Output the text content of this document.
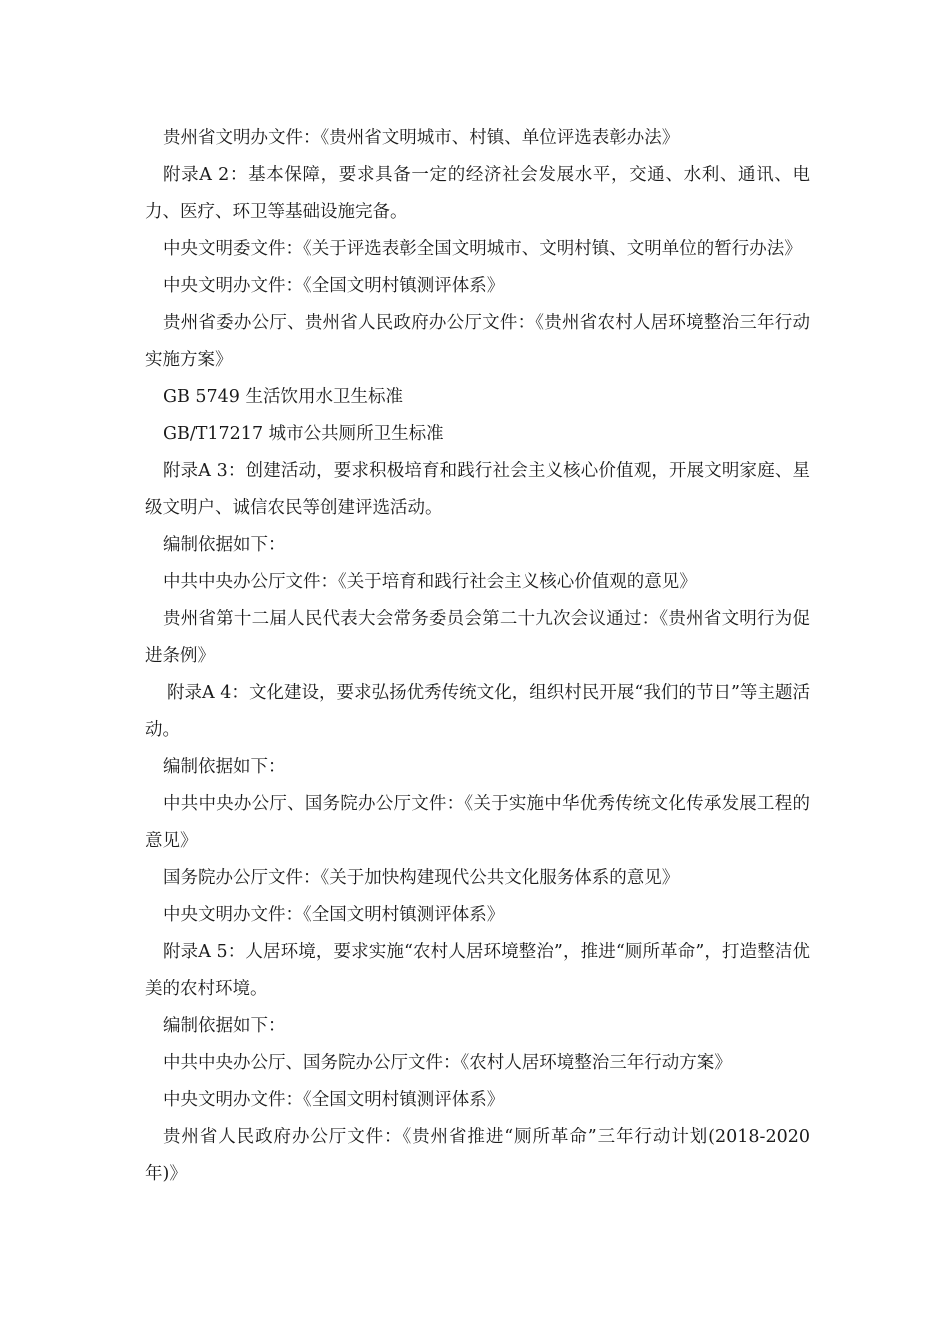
贵州省文明办文件：《贵州省文明城市、村镇、单位评选表彰办法》

附录A 2：基本保障，要求具备一定的经济社会发展水平，交通、水利、通讯、电力、医疗、环卫等基础设施完备。

中央文明委文件：《关于评选表彰全国文明城市、文明村镇、文明单位的暂行办法》

中央文明办文件：《全国文明村镇测评体系》

贵州省委办公厅、贵州省人民政府办公厅文件：《贵州省农村人居环境整治三年行动实施方案》

GB 5749 生活饮用水卫生标准

GB/T17217 城市公共厕所卫生标准

附录A 3：创建活动，要求积极培育和践行社会主义核心价值观，开展文明家庭、星级文明户、诚信农民等创建评选活动。

编制依据如下：

中共中央办公厅文件：《关于培育和践行社会主义核心价值观的意见》

贵州省第十二届人民代表大会常务委员会第二十九次会议通过：《贵州省文明行为促进条例》

附录A 4：文化建设，要求弘扬优秀传统文化，组织村民开展“我们的节日”等主题活动。

编制依据如下：

中共中央办公厅、国务院办公厅文件：《关于实施中华优秀传统文化传承发展工程的意见》

国务院办公厅文件：《关于加快构建现代公共文化服务体系的意见》

中央文明办文件：《全国文明村镇测评体系》

附录A 5：人居环境，要求实施“农村人居环境整治”，推进“厕所革命”，打造整洁优美的农村环境。

编制依据如下：

中共中央办公厅、国务院办公厅文件：《农村人居环境整治三年行动方案》

中央文明办文件：《全国文明村镇测评体系》

贵州省人民政府办公厅文件：《贵州省推进“厕所革命”三年行动计划(2018-2020年)》
